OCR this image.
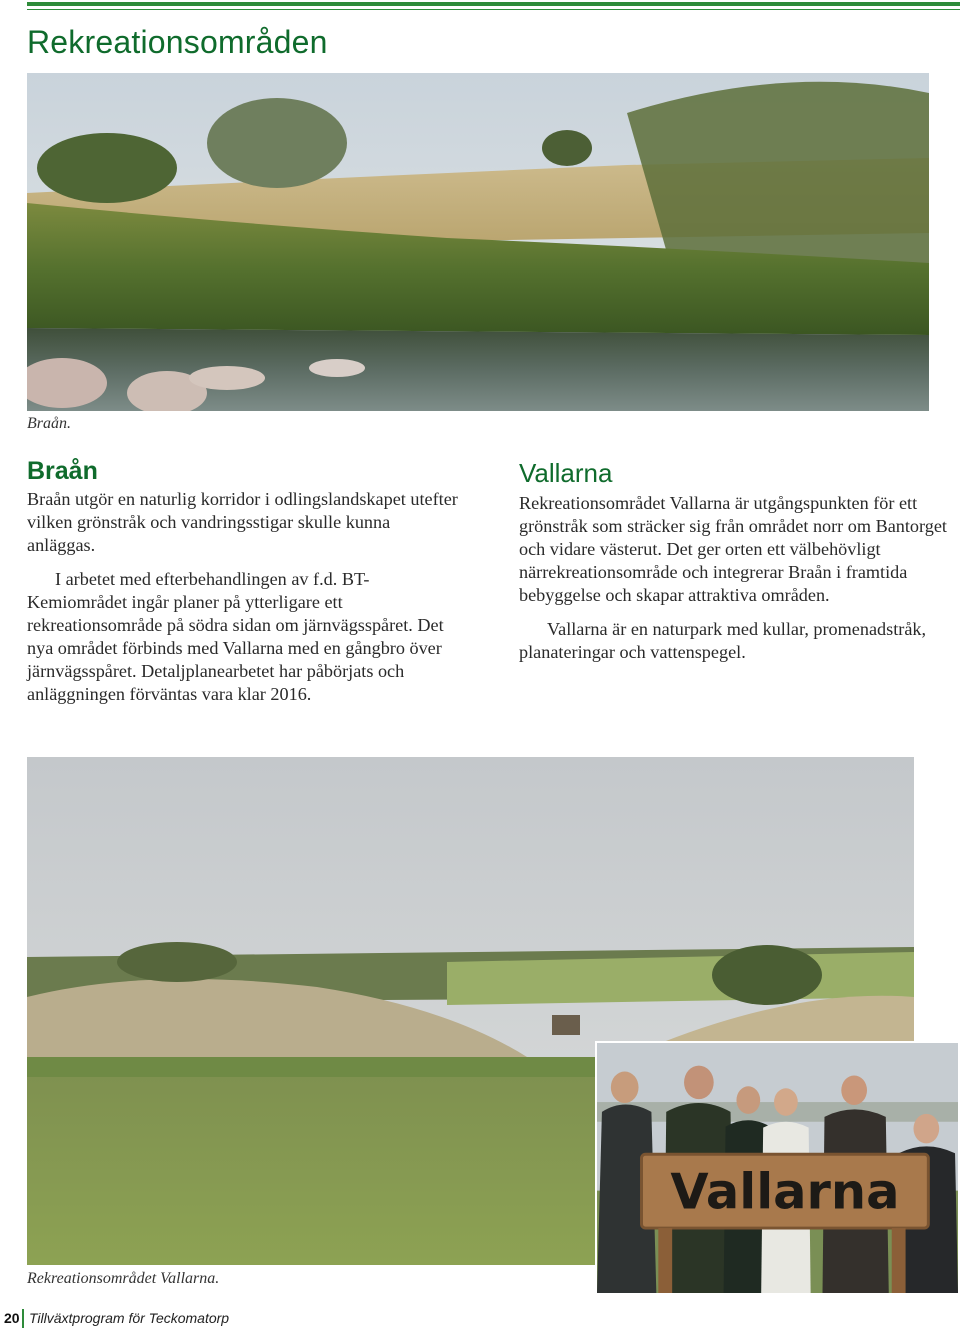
Rekreationsområden
Braån.
Braån

Braån utgör en naturlig korridor i odlingslandskapet utefter vilken grönstråk och vandringsstigar skulle kunna anläggas.

I arbetet med efterbehandlingen av f.d. BT-Kemiområdet ingår planer på ytterligare ett rekreationsområde på södra sidan om järnvägsspåret. Det nya området förbinds med Vallarna med en gångbro över järnvägsspåret. Detaljplanearbetet har påbörjats och anläggningen förväntas vara klar 2016.

Vallarna

Rekreationsområdet Vallarna är utgångspunkten för ett grönstråk som sträcker sig från området norr om Bantorget och vidare västerut. Det ger orten ett välbehövligt närrekreationsområde och integrerar Braån i framtida bebyggelse och skapar attraktiva områden.

Vallarna är en naturpark med kullar, promenadstråk, planateringar och vattenspegel.

Vallarna
Rekreationsområdet Vallarna.
20 Tillväxtprogram för Teckomatorp
